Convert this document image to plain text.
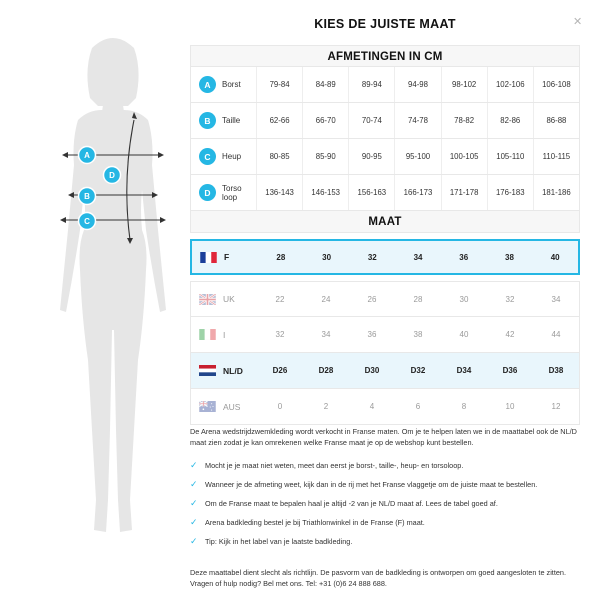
A
D
B
C
KIES DE JUISTE MAAT	✕
AFMETINGEN IN CM
A	Borst	79-84	84-89	89-94	94-98	98-102	102-106	106-108
B	Taille	62-66	66-70	70-74	74-78	78-82	82-86	86-88
C	Heup	80-85	85-90	90-95	95-100	100-105	105-110	110-115
D	Torso loop	136-143	146-153	156-163	166-173	171-178	176-183	181-186
MAAT
F	28	30	32	34	36	38	40
UK	22	24	26	28	30	32	34
I	32	34	36	38	40	42	44
NL/D	D26	D28	D30	D32	D34	D36	D38
AUS	0	2	4	6	8	10	12

De Arena wedstrijdzwemkleding wordt verkocht in Franse maten. Om je te helpen laten we in de maattabel ook de NL/D maat zien zodat je kan omrekenen welke Franse maat je op de webshop kunt bestellen.

✓	Mocht je je maat niet weten, meet dan eerst je borst-, taille-, heup- en torsoloop.
✓	Wanneer je de afmeting weet, kijk dan in de rij met het Franse vlaggetje om de juiste maat te bestellen.
✓	Om de Franse maat te bepalen haal je altijd -2 van je NL/D maat af. Lees de tabel goed af.
✓	Arena badkleding bestel je bij Triathlonwinkel in de Franse (F) maat.
✓	Tip: Kijk in het label van je laatste badkleding.

Deze maattabel dient slecht als richtlijn. De pasvorm van de badkleding is ontworpen om goed aangesloten te zitten. Vragen of hulp nodig? Bel met ons. Tel: +31 (0)6 24 888 688.
